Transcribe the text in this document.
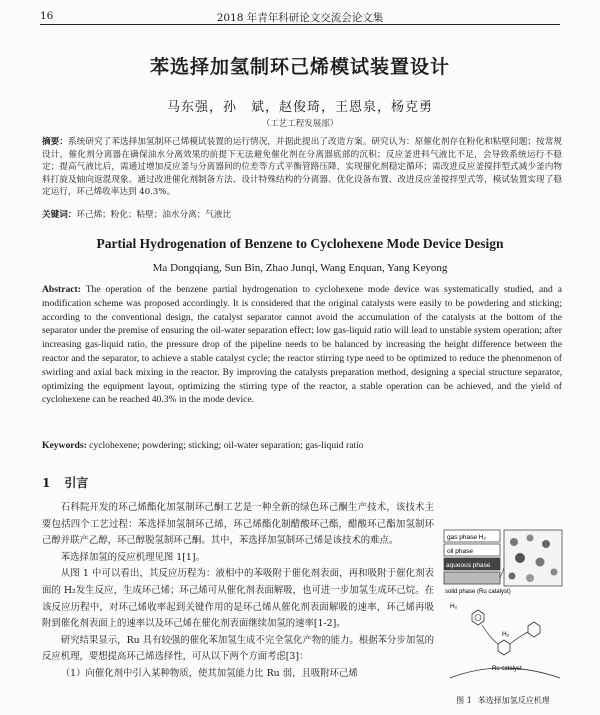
16	2018 年青年科研论文交流会论文集
苯选择加氢制环己烯模试装置设计
马东强，孙　斌，赵俊琦，王恩泉，杨克勇
（工艺工程发展部）
摘要：系统研究了苯选择加氢制环己烯模试装置的运行情况，并据此提出了改造方案。研究认为：原催化剂存在粉化和粘壁问题；按常规设计，催化剂分离器在确保油水分离效果的前提下无法避免催化剂在分离器底部的沉积；反应釜进料气液比不足，会导致系统运行不稳定；提高气液比后，需通过增加反应釜与分离器间的位差等方式平衡管路压降，实现催化剂稳定循环；需改进反应釜搅拌型式减少釜内物料打旋及轴向返混现象。通过改进催化剂制备方法、设计特殊结构的分离器、优化设备布置、改进反应釜搅拌型式等，模试装置实现了稳定运行，环己烯收率达到 40.3%。
关键词：环己烯；粉化；粘壁；油水分离；气液比
Partial Hydrogenation of Benzene to Cyclohexene Mode Device Design
Ma Dongqiang, Sun Bin, Zhao Junqi, Wang Enquan, Yang Keyong
Abstract: The operation of the benzene partial hydrogenation to cyclohexene mode device was systematically studied, and a modification scheme was proposed accordingly. It is considered that the original catalysts were easily to be powdering and sticking; according to the conventional design, the catalyst separator cannot avoid the accumulation of the catalysts at the bottom of the separator under the premise of ensuring the oil-water separation effect; low gas-liquid ratio will lead to unstable system operation; after increasing gas-liquid ratio, the pressure drop of the pipeline needs to be balanced by increasing the height difference between the reactor and the separator, to achieve a stable catalyst cycle; the reactor stirring type need to be optimized to reduce the phenomenon of swirling and axial back mixing in the reactor. By improving the catalysts preparation method, designing a special structure separator, optimizing the equipment layout, optimizing the stirring type of the reactor, a stable operation can be achieved, and the yield of cyclohexene can be reached 40.3% in the mode device.
Keywords: cyclohexene; powdering; sticking; oil-water separation; gas-liquid ratio
1 引言

石科院开发的环己烯酯化加氢制环己酮工艺是一种全新的绿色环己酮生产技术，该技术主要包括四个工艺过程：苯选择加氢制环己烯，环己烯酯化制醋酸环己酯，醋酸环己酯加氢制环己醇并联产乙醇，环己醇脱氢制环己酮。其中，苯选择加氢制环己烯是该技术的难点。

苯选择加氢的反应机理见图 1[1]。

从图 1 中可以看出，其反应历程为：液相中的苯吸附于催化剂表面，再和吸附于催化剂表面的 H₂发生反应，生成环己烯；环己烯可从催化剂表面解吸，也可进一步加氢生成环己烷。在该反应历程中，对环己烯收率起到关键作用的是环己烯从催化剂表面解吸的速率，环己烯再吸附到催化剂表面上的速率以及环己烯在催化剂表面继续加氢的速率[1-2]。

研究结果显示，Ru 具有较强的催化苯加氢生成不完全氢化产物的能力。根据苯分步加氢的反应机理，要想提高环己烯选择性，可从以下两个方面考虑[3]：

（1）向催化剂中引入某种物质，使其加氢能力比 Ru 弱，且吸附环己烯

gas phase H₂
oil phase
aqueous phase
solid phase (Ru catalyst)
H₂
H₂
Ru catalyst
图 1 苯选择加氢反应机理
